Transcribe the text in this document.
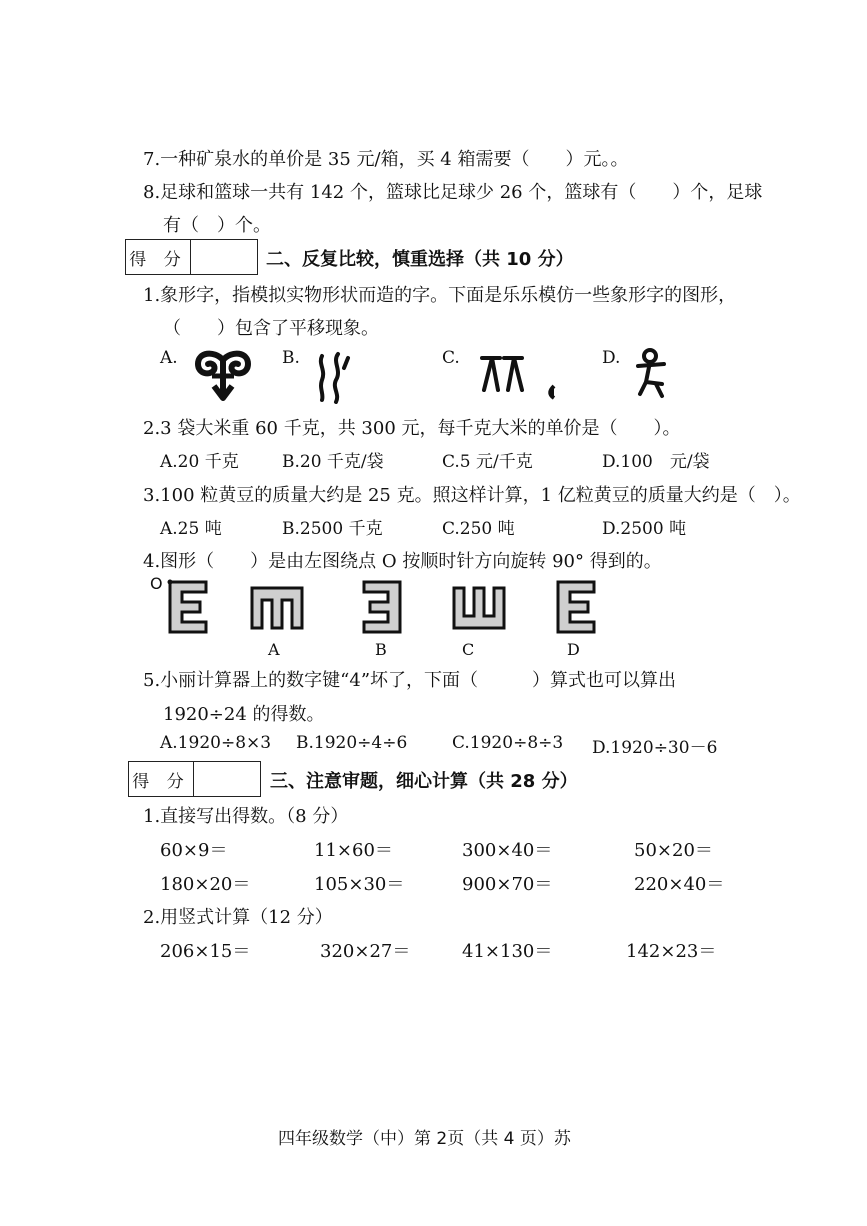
7.一种矿泉水的单价是 35 元/箱，买 4 箱需要（　　）元。。
8.足球和篮球一共有 142 个，篮球比足球少 26 个，篮球有（　　）个，足球
有（　）个。
得 分	二、反复比较，慎重选择（共 10 分）
1.象形字，指模拟实物形状而造的字。下面是乐乐模仿一些象形字的图形，
（　　）包含了平移现象。
A.	B.	C.	D.
2.3 袋大米重 60 千克，共 300 元，每千克大米的单价是（　　）。
A.20 千克	B.20 千克/袋	C.5 元/千克	D.100　元/袋
3.100 粒黄豆的质量大约是 25 克。照这样计算，1 亿粒黄豆的质量大约是（　）。
A.25 吨	B.2500 千克	C.250 吨	D.2500 吨
4.图形（　　）是由左图绕点 O 按顺时针方向旋转 90° 得到的。
O
A	B	C	D
5.小丽计算器上的数字键“4”坏了，下面（　　　）算式也可以算出
1920÷24 的得数。
A.1920÷8×3 B.1920÷4÷6	C.1920÷8÷3 D.1920÷30－6
得 分	三、注意审题，细心计算（共 28 分）
1.直接写出得数。（8 分）
60×9＝	11×60＝	300×40＝	50×20＝
180×20＝	105×30＝	900×70＝	220×40＝
2.用竖式计算（12 分）
206×15＝	320×27＝	41×130＝	142×23＝
四年级数学（中）第 2页（共 4 页）苏
